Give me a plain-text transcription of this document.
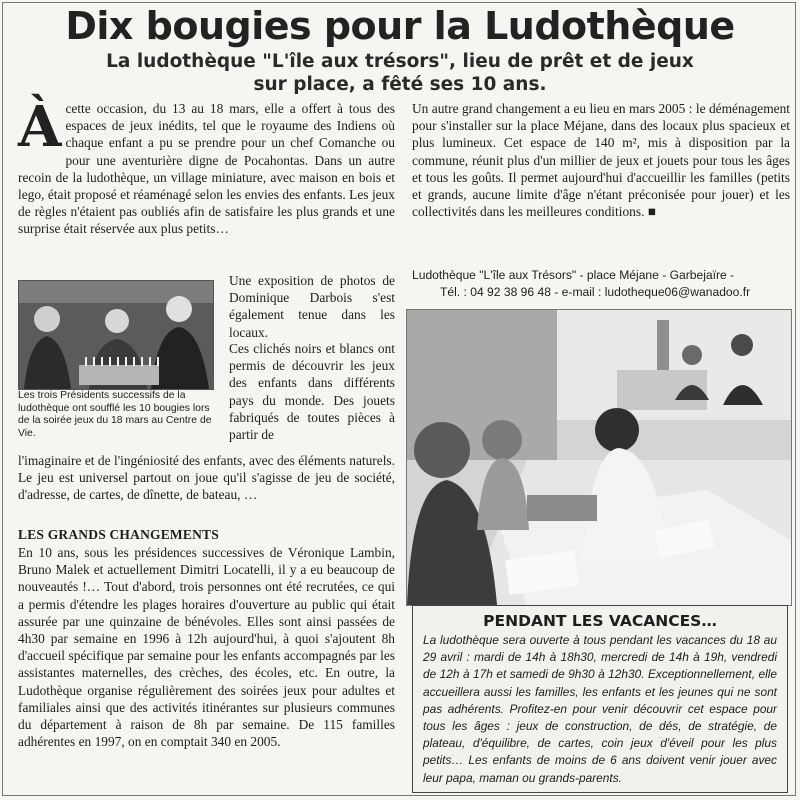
Dix bougies pour la Ludothèque
La ludothèque "L'île aux trésors", lieu de prêt et de jeux sur place, a fêté ses 10 ans.

Àcette occasion, du 13 au 18 mars, elle a offert à tous des espaces de jeux inédits, tel que le royaume des Indiens où chaque enfant a pu se prendre pour un chef Comanche ou pour une aventurière digne de Pocahontas. Dans un autre recoin de la ludothèque, un village miniature, avec maison en bois et lego, était proposé et réaménagé selon les envies des enfants. Les jeux de règles n'étaient pas oubliés afin de satisfaire les plus grands et une surprise était réservée aux plus petits…

Les trois Présidents successifs de la ludothèque ont soufflé les 10 bougies lors de la soirée jeux du 18 mars au Centre de Vie.

Une exposition de photos de Dominique Darbois s'est également tenue dans les locaux.

Ces clichés noirs et blancs ont permis de découvrir les jeux des enfants dans différents pays du monde. Des jouets fabriqués de toutes pièces à partir de

l'imaginaire et de l'ingéniosité des enfants, avec des éléments naturels. Le jeu est universel partout on joue qu'il s'agisse de jeu de société, d'adresse, de cartes, de dînette, de bateau, …

LES GRANDS CHANGEMENTS

En 10 ans, sous les présidences successives de Véronique Lambin, Bruno Malek et actuellement Dimitri Locatelli, il y a eu beaucoup de nouveautés !… Tout d'abord, trois personnes ont été recrutées, ce qui a permis d'étendre les plages horaires d'ouverture au public qui était assurée par une quinzaine de bénévoles. Elles sont ainsi passées de 4h30 par semaine en 1996 à 12h aujourd'hui, à quoi s'ajoutent 8h d'accueil spécifique par semaine pour les enfants accompagnés par les assistantes maternelles, des crèches, des écoles, etc. En outre, la Ludothèque organise régulièrement des soirées jeux pour adultes et familiales ainsi que des activités itinérantes sur plusieurs communes du département à raison de 8h par semaine. De 115 familles adhérentes en 1997, on en comptait 340 en 2005.

Un autre grand changement a eu lieu en mars 2005 : le déménagement pour s'installer sur la place Méjane, dans des locaux plus spacieux et plus lumineux. Cet espace de 140 m², mis à disposition par la commune, réunit plus d'un millier de jeux et jouets pour tous les âges et tous les goûts. Il permet aujourd'hui d'accueillir les familles (petits et grands, aucune limite d'âge n'étant préconisée pour jouer) et les collectivités dans les meilleures conditions. ■

Ludothèque "L'île aux Trésors" - place Méjane - Garbejaïre -
Tél. : 04 92 38 96 48 - e-mail : ludotheque06@wanadoo.fr
PENDANT LES VACANCES…

La ludothèque sera ouverte à tous pendant les vacances du 18 au 29 avril : mardi de 14h à 18h30, mercredi de 14h à 19h, vendredi de 12h à 17h et samedi de 9h30 à 12h30. Exceptionnellement, elle accueillera aussi les familles, les enfants et les jeunes qui ne sont pas adhérents. Profitez-en pour venir découvrir cet espace pour tous les âges : jeux de construction, de dés, de stratégie, de plateau, d'équilibre, de cartes, coin jeux d'éveil pour les plus petits… Les enfants de moins de 6 ans doivent venir jouer avec leur papa, maman ou grands-parents.
